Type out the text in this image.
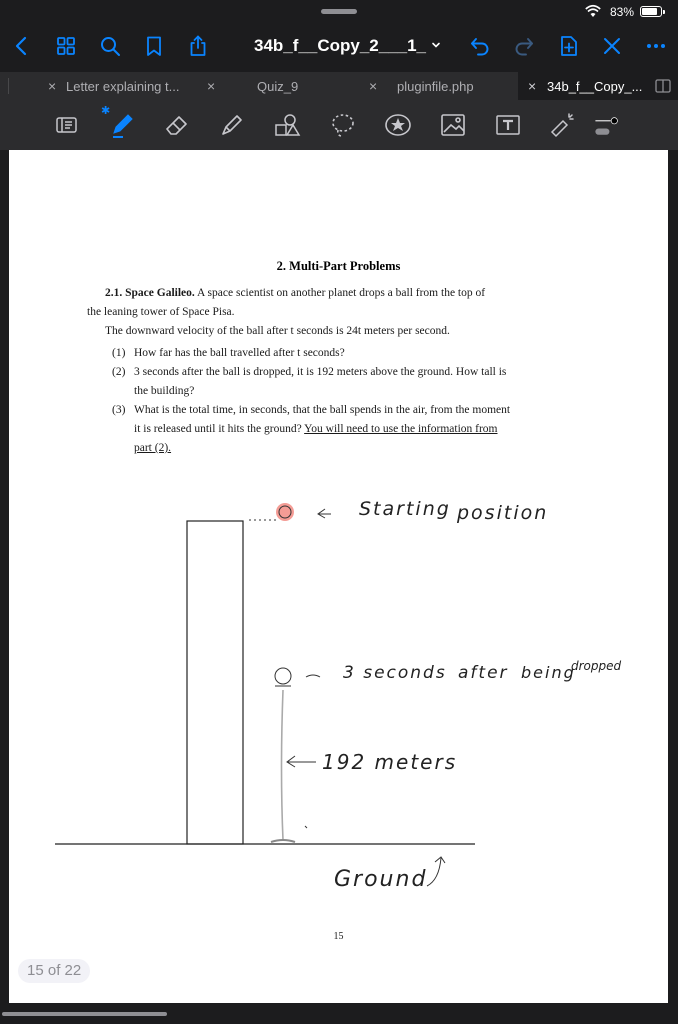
83%
34b_f__Copy_2___1_
× Letter explaining t... ×	Quiz_9	× pluginfile.php	× 34b_f__Copy_...
✱
2. Multi-Part Problems
2.1. Space Galileo. A space scientist on another planet drops a ball from the top of
the leaning tower of Space Pisa.
The downward velocity of the ball after t seconds is 24t meters per second.
(1) How far has the ball travelled after t seconds?
(2) 3 seconds after the ball is dropped, it is 192 meters above the ground. How tall is
the building?
(3) What is the total time, in seconds, that the ball spends in the air, from the moment
it is released until it hits the ground? You will need to use the information from
part (2).
Starting position
3 seconds after being
dropped
192 meters
Ground
15
15 of 22
